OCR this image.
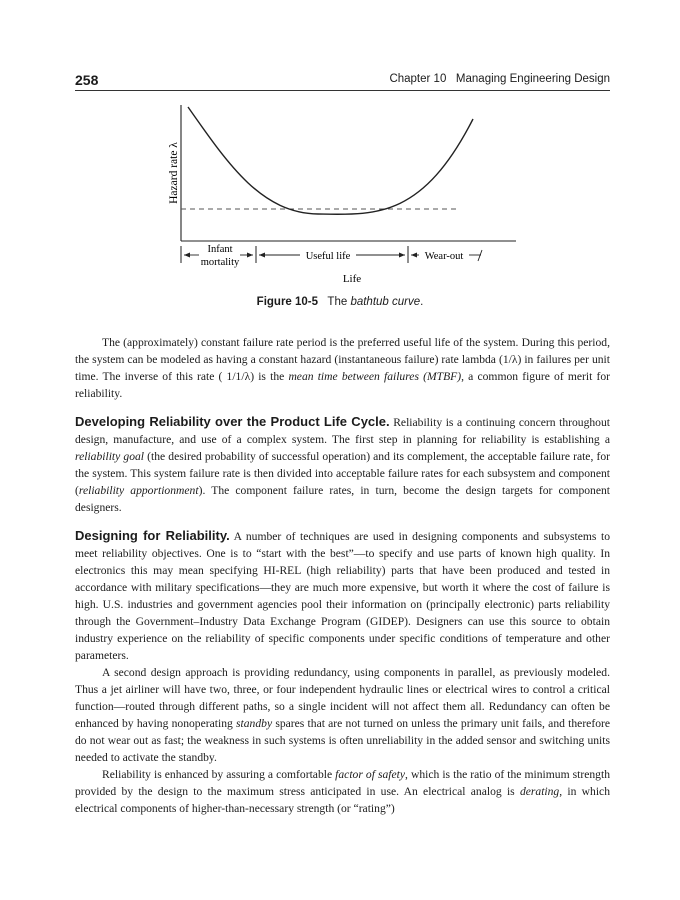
258	Chapter 10   Managing Engineering Design
Hazard rate λ
Infant
mortality
Useful life	Wear-out
Life
Figure 10-5 The bathtub curve.

The (approximately) constant failure rate period is the preferred useful life of the system. During this period, the system can be modeled as having a constant hazard (instantaneous failure) rate lambda (1/λ) in failures per unit time. The inverse of this rate ( 1/1/λ) is the mean time between failures (MTBF), a common figure of merit for reliability.

Developing Reliability over the Product Life Cycle. Reliability is a continuing concern throughout design, manufacture, and use of a complex system. The first step in planning for reliability is establishing a reliability goal (the desired probability of successful operation) and its complement, the acceptable failure rate, for the system. This system failure rate is then divided into acceptable failure rates for each subsystem and component (reliability apportionment). The component failure rates, in turn, become the design targets for component designers.

Designing for Reliability. A number of techniques are used in designing components and subsystems to meet reliability objectives. One is to “start with the best”—to specify and use parts of known high quality. In electronics this may mean specifying HI-REL (high reliability) parts that have been produced and tested in accordance with military specifications—they are much more expensive, but worth it where the cost of failure is high. U.S. industries and government agencies pool their information on (principally electronic) parts reliability through the Government–Industry Data Exchange Program (GIDEP). Designers can use this source to obtain industry experience on the reliability of specific components under specific conditions of temperature and other parameters.

A second design approach is providing redundancy, using components in parallel, as previously modeled. Thus a jet airliner will have two, three, or four independent hydraulic lines or electrical wires to control a critical function—routed through different paths, so a single incident will not affect them all. Redundancy can often be enhanced by having nonoperating standby spares that are not turned on unless the primary unit fails, and therefore do not wear out as fast; the weakness in such systems is often unreliability in the added sensor and switching units needed to activate the standby.

Reliability is enhanced by assuring a comfortable factor of safety, which is the ratio of the minimum strength provided by the design to the maximum stress anticipated in use. An electrical analog is derating, in which electrical components of higher-than-necessary strength (or “rating”)
